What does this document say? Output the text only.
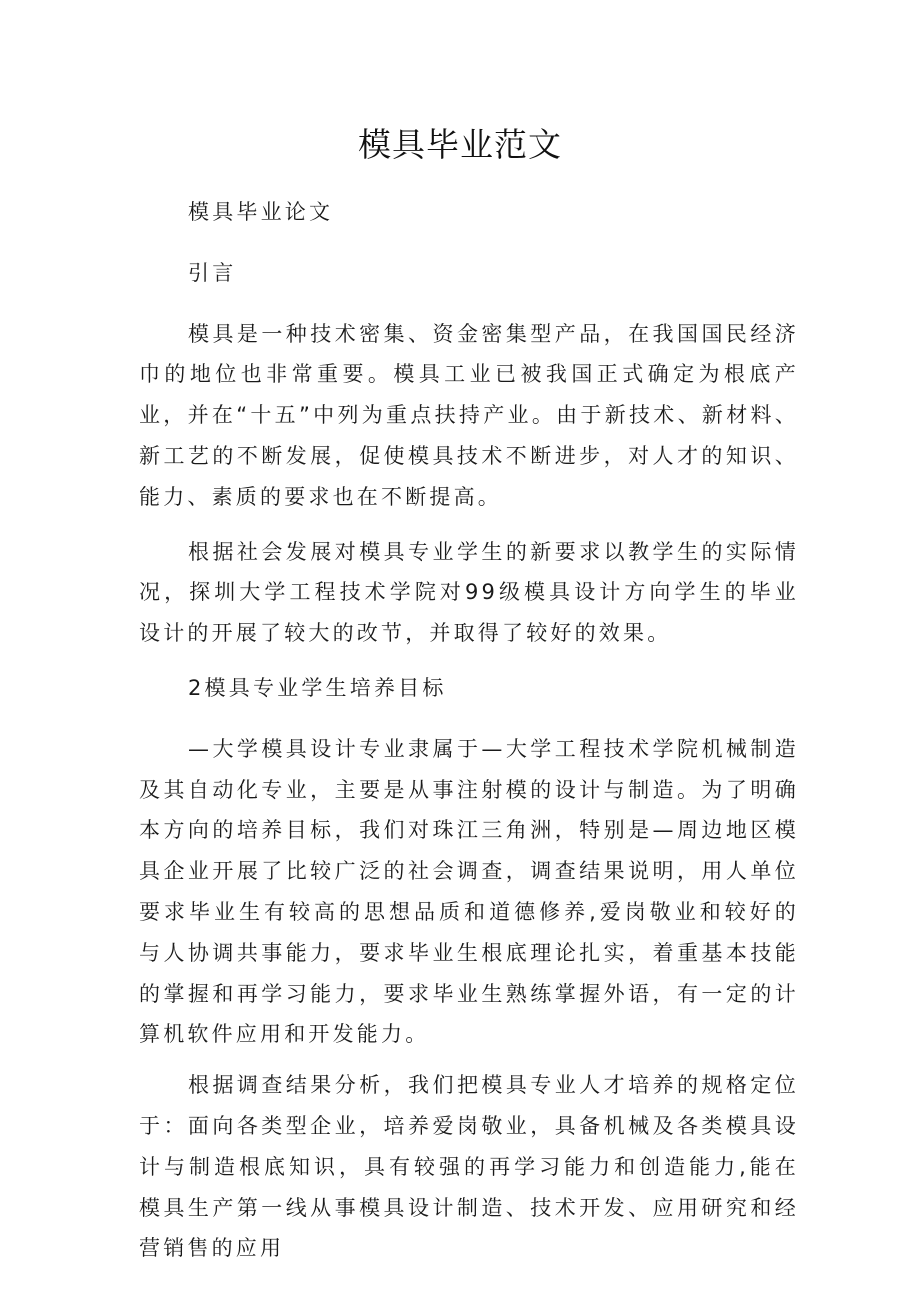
模具毕业范文

模具毕业论文

引言

模具是一种技术密集、资金密集型产品，在我国国民经济巾的地位也非常重要。模具工业已被我国正式确定为根底产业，并在“十五”中列为重点扶持产业。由于新技术、新材料、新工艺的不断发展，促使模具技术不断进步，对人才的知识、能力、素质的要求也在不断提高。

根据社会发展对模具专业学生的新要求以教学生的实际情况，探圳大学工程技术学院对99级模具设计方向学生的毕业设计的开展了较大的改节，并取得了较好的效果。

2模具专业学生培养目标

—大学模具设计专业隶属于—大学工程技术学院机械制造及其自动化专业，主要是从事注射模的设计与制造。为了明确本方向的培养目标，我们对珠江三角洲，特别是—周边地区模具企业开展了比较广泛的社会调查，调查结果说明，用人单位要求毕业生有较高的思想品质和道德修养,爱岗敬业和较好的与人协调共事能力，要求毕业生根底理论扎实，着重基本技能的掌握和再学习能力，要求毕业生熟练掌握外语，有一定的计算机软件应用和开发能力。

根据调查结果分析，我们把模具专业人才培养的规格定位于：面向各类型企业，培养爱岗敬业，具备机械及各类模具设计与制造根底知识，具有较强的再学习能力和创造能力,能在模具生产第一线从事模具设计制造、技术开发、应用研究和经营销售的应用
